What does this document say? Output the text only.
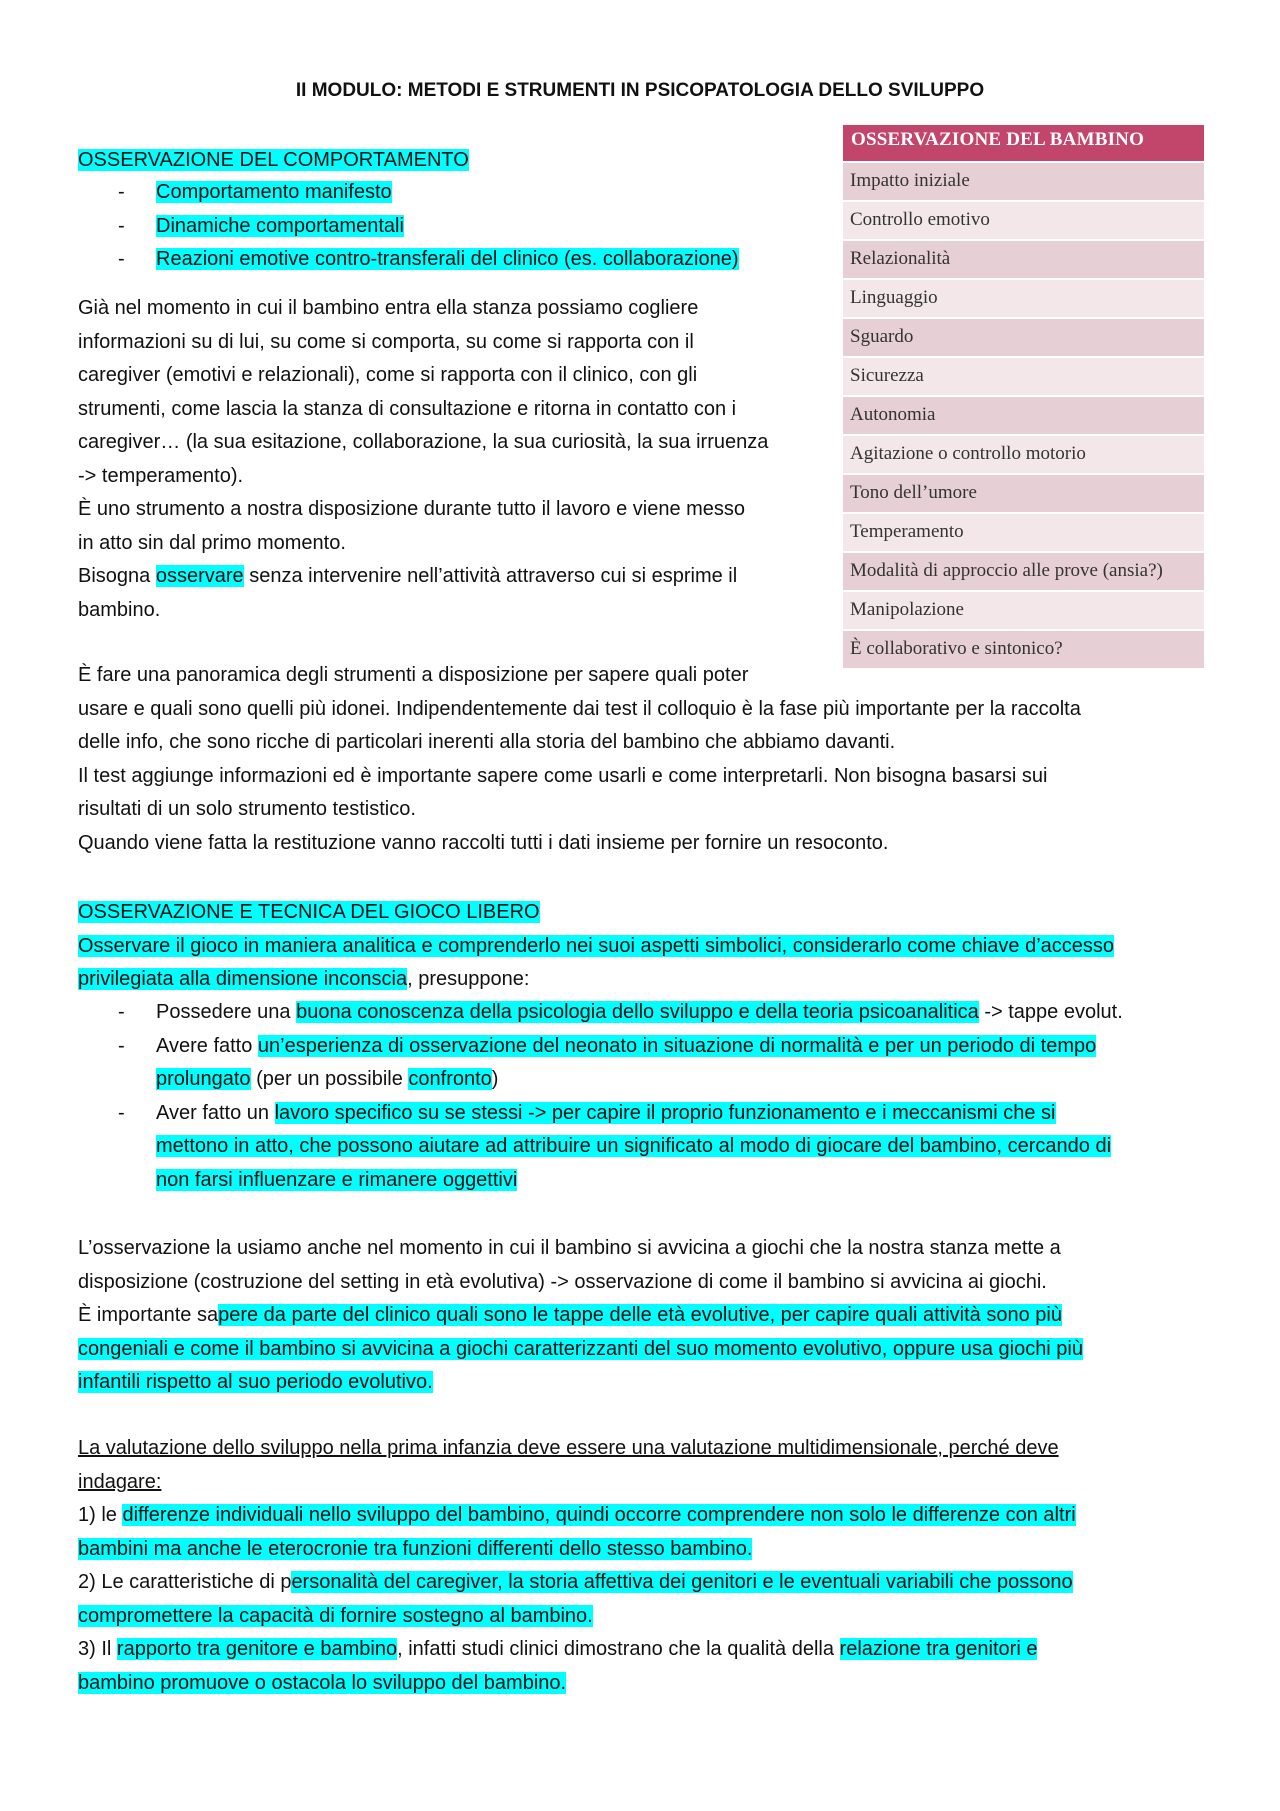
II MODULO: METODI E STRUMENTI IN PSICOPATOLOGIA DELLO SVILUPPO
OSSERVAZIONE DEL BAMBINO
Impatto iniziale
Controllo emotivo
Relazionalità
Linguaggio
Sguardo
Sicurezza
Autonomia
Agitazione o controllo motorio
Tono dell’umore
Temperamento
Modalità di approccio alle prove (ansia?)
Manipolazione
È collaborativo e sintonico?
OSSERVAZIONE DEL COMPORTAMENTO
- Comportamento manifesto
- Dinamiche comportamentali
- Reazioni emotive contro-transferali del clinico (es. collaborazione)
Già nel momento in cui il bambino entra ella stanza possiamo cogliere
informazioni su di lui, su come si comporta, su come si rapporta con il
caregiver (emotivi e relazionali), come si rapporta con il clinico, con gli
strumenti, come lascia la stanza di consultazione e ritorna in contatto con i
caregiver… (la sua esitazione, collaborazione, la sua curiosità, la sua irruenza
-> temperamento).
È uno strumento a nostra disposizione durante tutto il lavoro e viene messo
in atto sin dal primo momento.
Bisogna osservare senza intervenire nell’attività attraverso cui si esprime il
bambino.
È fare una panoramica degli strumenti a disposizione per sapere quali poter
usare e quali sono quelli più idonei. Indipendentemente dai test il colloquio è la fase più importante per la raccolta
delle info, che sono ricche di particolari inerenti alla storia del bambino che abbiamo davanti.
Il test aggiunge informazioni ed è importante sapere come usarli e come interpretarli. Non bisogna basarsi sui
risultati di un solo strumento testistico.
Quando viene fatta la restituzione vanno raccolti tutti i dati insieme per fornire un resoconto.
OSSERVAZIONE E TECNICA DEL GIOCO LIBERO
Osservare il gioco in maniera analitica e comprenderlo nei suoi aspetti simbolici, considerarlo come chiave d’accesso
privilegiata alla dimensione inconscia, presuppone:
- Possedere una buona conoscenza della psicologia dello sviluppo e della teoria psicoanalitica -> tappe evolut.
- Avere fatto un’esperienza di osservazione del neonato in situazione di normalità e per un periodo di tempo
prolungato (per un possibile confronto)
- Aver fatto un lavoro specifico su se stessi -> per capire il proprio funzionamento e i meccanismi che si
mettono in atto, che possono aiutare ad attribuire un significato al modo di giocare del bambino, cercando di
non farsi influenzare e rimanere oggettivi
L’osservazione la usiamo anche nel momento in cui il bambino si avvicina a giochi che la nostra stanza mette a
disposizione (costruzione del setting in età evolutiva) -> osservazione di come il bambino si avvicina ai giochi.
È importante sapere da parte del clinico quali sono le tappe delle età evolutive, per capire quali attività sono più
congeniali e come il bambino si avvicina a giochi caratterizzanti del suo momento evolutivo, oppure usa giochi più
infantili rispetto al suo periodo evolutivo.
La valutazione dello sviluppo nella prima infanzia deve essere una valutazione multidimensionale, perché deve
indagare:
1) le differenze individuali nello sviluppo del bambino, quindi occorre comprendere non solo le differenze con altri
bambini ma anche le eterocronie tra funzioni differenti dello stesso bambino.
2) Le caratteristiche di personalità del caregiver, la storia affettiva dei genitori e le eventuali variabili che possono
compromettere la capacità di fornire sostegno al bambino.
3) Il rapporto tra genitore e bambino, infatti studi clinici dimostrano che la qualità della relazione tra genitori e
bambino promuove o ostacola lo sviluppo del bambino.
